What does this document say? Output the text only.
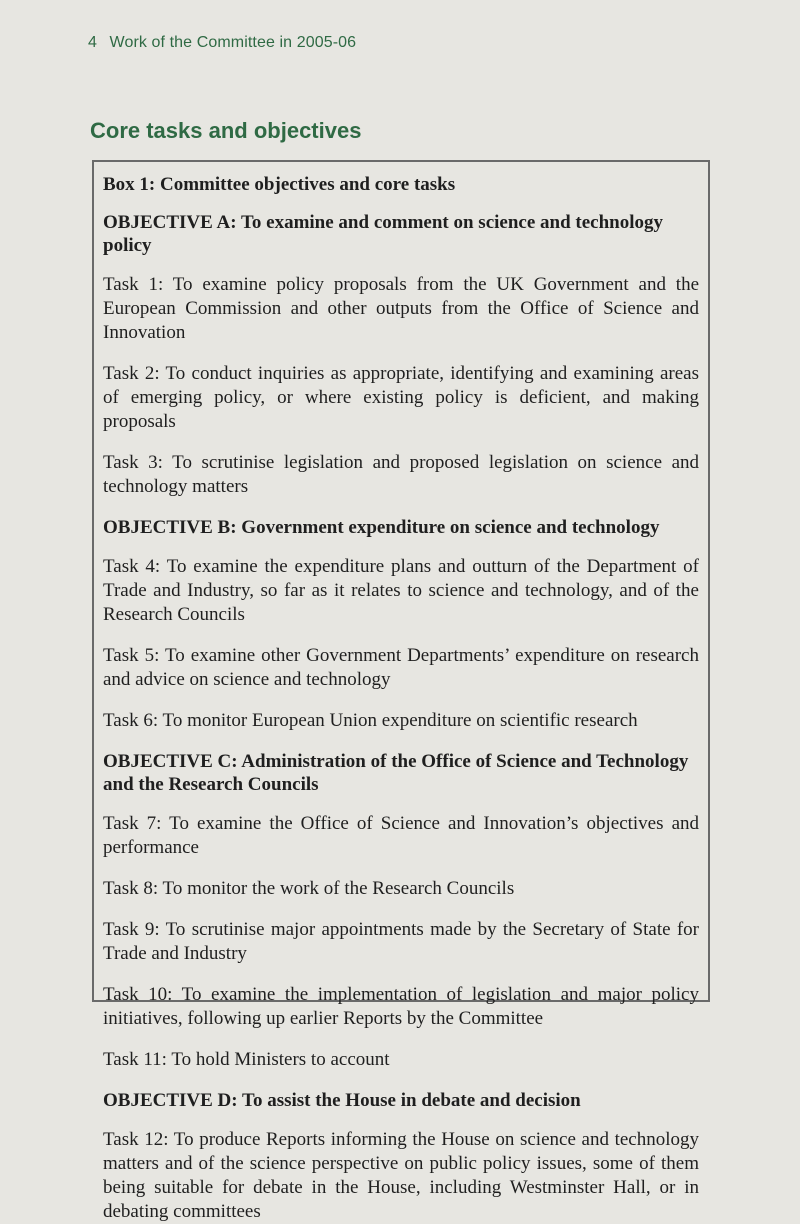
4 Work of the Committee in 2005-06
Core tasks and objectives

Box 1: Committee objectives and core tasks

OBJECTIVE A: To examine and comment on science and technology policy

Task 1: To examine policy proposals from the UK Government and the European Commission and other outputs from the Office of Science and Innovation

Task 2: To conduct inquiries as appropriate, identifying and examining areas of emerging policy, or where existing policy is deficient, and making proposals

Task 3: To scrutinise legislation and proposed legislation on science and technology matters

OBJECTIVE B: Government expenditure on science and technology

Task 4: To examine the expenditure plans and outturn of the Department of Trade and Industry, so far as it relates to science and technology, and of the Research Councils

Task 5: To examine other Government Departments’ expenditure on research and advice on science and technology

Task 6: To monitor European Union expenditure on scientific research

OBJECTIVE C: Administration of the Office of Science and Technology and the Research Councils

Task 7: To examine the Office of Science and Innovation’s objectives and performance

Task 8: To monitor the work of the Research Councils

Task 9: To scrutinise major appointments made by the Secretary of State for Trade and Industry

Task 10: To examine the implementation of legislation and major policy initiatives, following up earlier Reports by the Committee

Task 11: To hold Ministers to account

OBJECTIVE D: To assist the House in debate and decision

Task 12: To produce Reports informing the House on science and technology matters and of the science perspective on public policy issues, some of them being suitable for debate in the House, including Westminster Hall, or in debating committees
